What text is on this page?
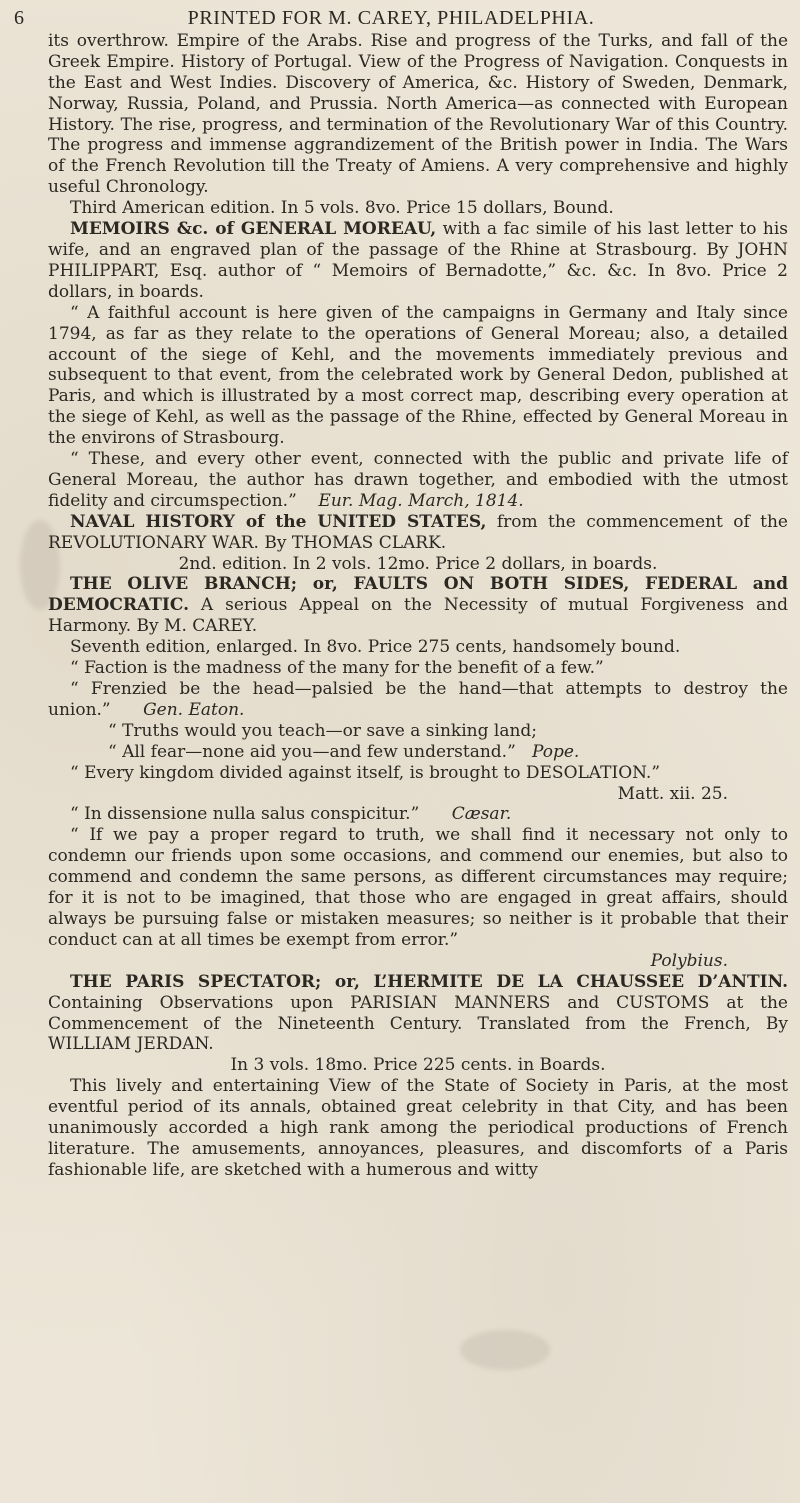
6	PRINTED FOR M. CAREY, PHILADELPHIA.

its overthrow. Empire of the Arabs. Rise and progress of the Turks, and fall of the Greek Empire. History of Portugal. View of the Progress of Navigation. Conquests in the East and West Indies. Discovery of America, &c. History of Sweden, Denmark, Norway, Russia, Poland, and Prussia. North America—as connected with European History. The rise, progress, and termination of the Revolutionary War of this Country. The progress and immense aggrandizement of the British power in India. The Wars of the French Revolution till the Treaty of Amiens. A very comprehensive and highly useful Chronology.

Third American edition. In 5 vols. 8vo. Price 15 dollars, Bound.

MEMOIRS &c. of GENERAL MOREAU, with a fac simile of his last letter to his wife, and an engraved plan of the passage of the Rhine at Strasbourg. By JOHN PHILIPPART, Esq. author of “ Memoirs of Bernadotte,” &c. &c. In 8vo. Price 2 dollars, in boards.

“ A faithful account is here given of the campaigns in Germany and Italy since 1794, as far as they relate to the operations of General Moreau; also, a detailed account of the siege of Kehl, and the movements immediately previous and subsequent to that event, from the celebrated work by General Dedon, published at Paris, and which is illustrated by a most correct map, describing every operation at the siege of Kehl, as well as the passage of the Rhine, effected by General Moreau in the environs of Strasbourg.

“ These, and every other event, connected with the public and private life of General Moreau, the author has drawn together, and embodied with the utmost fidelity and circumspection.” Eur. Mag. March, 1814.

NAVAL HISTORY of the UNITED STATES, from the commencement of the REVOLUTIONARY WAR. By THOMAS CLARK.

2nd. edition. In 2 vols. 12mo. Price 2 dollars, in boards.

THE OLIVE BRANCH; or, FAULTS ON BOTH SIDES, FEDERAL and DEMOCRATIC. A serious Appeal on the Necessity of mutual Forgiveness and Harmony. By M. CAREY.

Seventh edition, enlarged. In 8vo. Price 275 cents, handsomely bound.

“ Faction is the madness of the many for the benefit of a few.”

“ Frenzied be the head—palsied be the hand—that attempts to destroy the union.” Gen. Eaton.

“ Truths would you teach—or save a sinking land;

“ All fear—none aid you—and few understand.” Pope.

“ Every kingdom divided against itself, is brought to DESOLATION.”

Matt. xii. 25.

“ In dissensione nulla salus conspicitur.” Cæsar.

“ If we pay a proper regard to truth, we shall find it necessary not only to condemn our friends upon some occasions, and commend our enemies, but also to commend and condemn the same persons, as different circumstances may require; for it is not to be imagined, that those who are engaged in great affairs, should always be pursuing false or mistaken measures; so neither is it probable that their conduct can at all times be exempt from error.”

Polybius.

THE PARIS SPECTATOR; or, L’HERMITE DE LA CHAUSSEE D’ANTIN. Containing Observations upon PARISIAN MANNERS and CUSTOMS at the Commencement of the Nineteenth Century. Translated from the French, By WILLIAM JERDAN.

In 3 vols. 18mo. Price 225 cents. in Boards.

This lively and entertaining View of the State of Society in Paris, at the most eventful period of its annals, obtained great celebrity in that City, and has been unanimously accorded a high rank among the periodical productions of French literature. The amusements, annoyances, pleasures, and discomforts of a Paris fashionable life, are sketched with a humerous and witty
